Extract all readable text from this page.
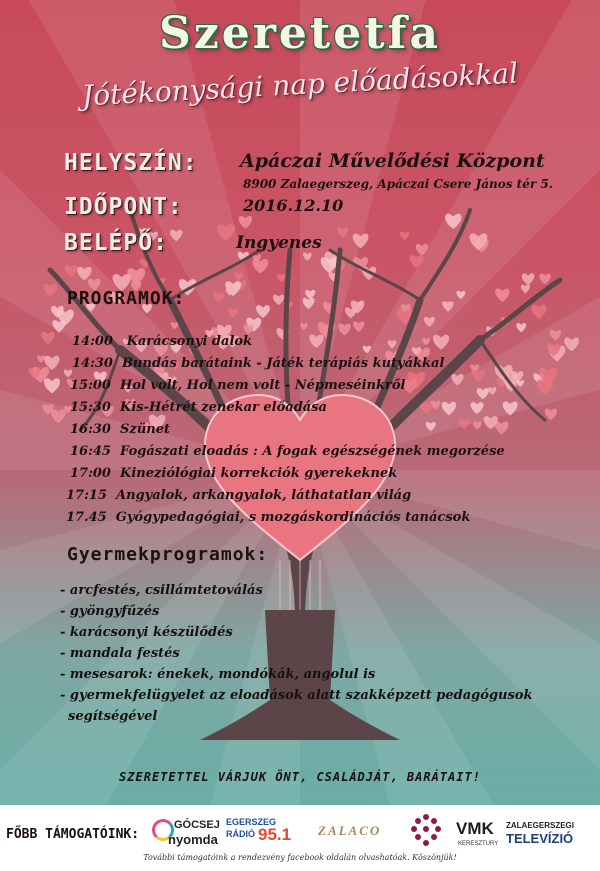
Szeretetfa
Jótékonysági nap előadásokkal
HELYSZÍN: Apáczai Művelődési Központ
8900 Zalaegerszeg, Apáczai Csere János tér 5.
IDŐPONT:	2016.12.10
BELÉPŐ:	Ingyenes
PROGRAMOK:
14:00 Karácsonyi dalok
14:30 Bundás barátaink - Játék terápiás kutyákkal
15:00 Hol volt, Hol nem volt - Népmeséinkről
15:30 Kis-Hétrét zenekar előadása
16:30 Szünet
16:45 Fogászati eloadás : A fogak egészségének megorzése
17:00 Kineziólógiai korrekciók gyerekeknek
17:15 Angyalok, arkangyalok, láthatatlan világ
17.45 Gyógypedagógiai, s mozgáskordinációs tanácsok
Gyermekprogramok:
- arcfestés, csillámtetoválás
- gyöngyfűzés
- karácsonyi készülődés
- mandala festés
- mesesarok: énekek, mondókák, angolul is
- gyermekfelügyelet az eloadások alatt szakképzett pedagógusok
segítségével
SZERETETTEL VÁRJUK ÖNT, CSALÁDJÁT, BARÁTAIT!
FŐBB TÁMOGATÓINK:
GÓCSEJ
nyomda
EGERSZEG
RÁDIÓ 95.1 ZALACO	VMK
KERESZTURY
ZALAEGERSZEGI
TELEVÍZIÓ
További támogatóink a rendezvény facebook oldalán olvashatóak. Köszönjük!
